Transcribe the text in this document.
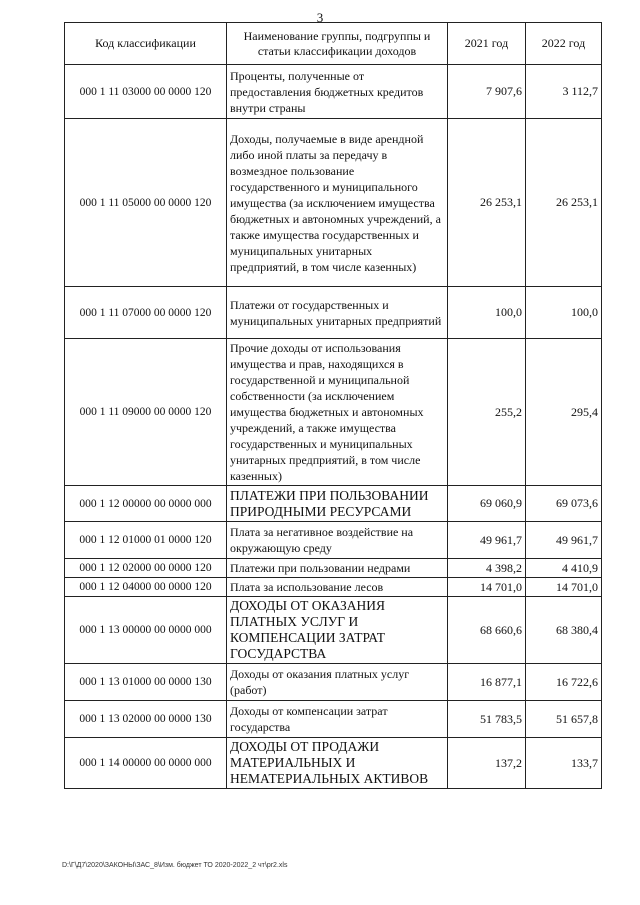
3
Код классификации	Наименование группы, подгруппы и статьи классификации доходов	2021 год	2022 год
000 1 11 03000 00 0000 120	Проценты, полученные от предоставления бюджетных кредитов внутри страны	7 907,6	3 112,7
000 1 11 05000 00 0000 120	Доходы, получаемые в виде арендной либо иной платы за передачу в возмездное пользование государственного и муниципального имущества (за исключением имущества бюджетных и автономных учреждений, а также имущества государственных и муниципальных унитарных предприятий, в том числе казенных)	26 253,1	26 253,1
000 1 11 07000 00 0000 120	Платежи от государственных и муниципальных унитарных предприятий	100,0	100,0
000 1 11 09000 00 0000 120	Прочие доходы от использования имущества и прав, находящихся в государственной и муниципальной собственности (за исключением имущества бюджетных и автономных учреждений, а также имущества государственных и муниципальных унитарных предприятий, в том числе казенных)	255,2	295,4
000 1 12 00000 00 0000 000	ПЛАТЕЖИ ПРИ ПОЛЬЗОВАНИИ ПРИРОДНЫМИ РЕСУРСАМИ	69 060,9	69 073,6
000 1 12 01000 01 0000 120	Плата за негативное воздействие на окружающую среду	49 961,7	49 961,7
000 1 12 02000 00 0000 120	Платежи при пользовании недрами	4 398,2	4 410,9
000 1 12 04000 00 0000 120	Плата за использование лесов	14 701,0	14 701,0
000 1 13 00000 00 0000 000	ДОХОДЫ ОТ ОКАЗАНИЯ ПЛАТНЫХ УСЛУГ И КОМПЕНСАЦИИ ЗАТРАТ ГОСУДАРСТВА	68 660,6	68 380,4
000 1 13 01000 00 0000 130	Доходы от оказания платных услуг (работ)	16 877,1	16 722,6
000 1 13 02000 00 0000 130	Доходы от компенсации затрат государства	51 783,5	51 657,8
000 1 14 00000 00 0000 000	ДОХОДЫ ОТ ПРОДАЖИ МАТЕРИАЛЬНЫХ И НЕМАТЕРИАЛЬНЫХ АКТИВОВ	137,2	133,7
D:\Г\Д7\2020\ЗАКОНЫ\ЗАС_8\Изм. бюджет ТО 2020-2022_2 чт\pr2.xls
